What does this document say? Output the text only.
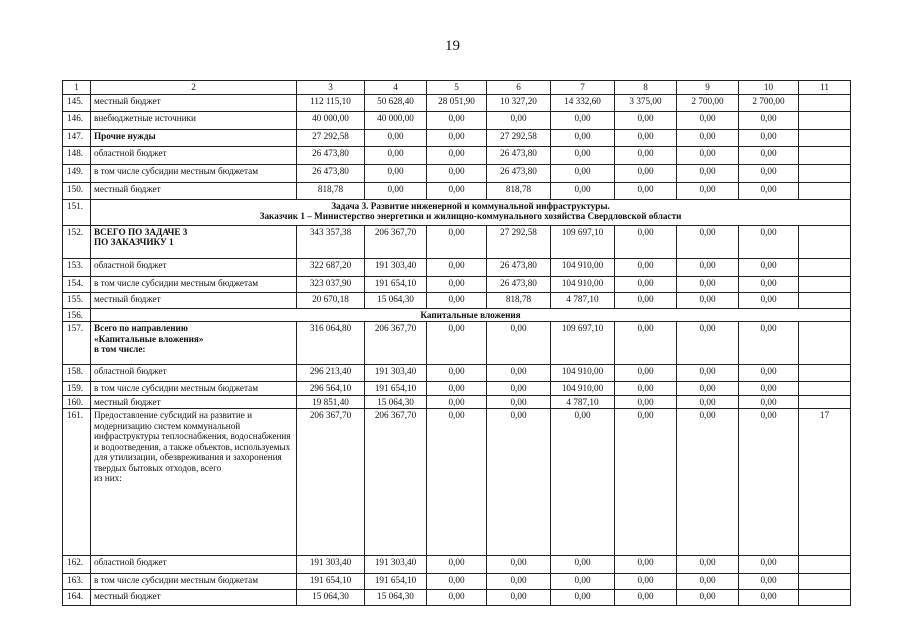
19
1	2	3	4	5	6	7	8	9	10	11
145.	местный бюджет	112 115,10	50 628,40	28 051,90	10 327,20	14 332,60	3 375,00	2 700,00	2 700,00	
146.	внебюджетные источники	40 000,00	40 000,00	0,00	0,00	0,00	0,00	0,00	0,00	
147.	Прочие нужды	27 292,58	0,00	0,00	27 292,58	0,00	0,00	0,00	0,00	
148.	областной бюджет	26 473,80	0,00	0,00	26 473,80	0,00	0,00	0,00	0,00	
149.	в том числе субсидии местным бюджетам	26 473,80	0,00	0,00	26 473,80	0,00	0,00	0,00	0,00	
150.	местный бюджет	818,78	0,00	0,00	818,78	0,00	0,00	0,00	0,00	
151.	Задача 3. Развитие инженерной и коммунальной инфраструктуры.
Заказчик 1 – Министерство энергетики и жилищно-коммунального хозяйства Свердловской области									

152.	ВСЕГО ПО ЗАДАЧЕ 3
ПО ЗАКАЗЧИКУ 1	343 357,38	206 367,70	0,00	27 292,58	109 697,10	0,00	0,00	0,00	
153.	областной бюджет	322 687,20	191 303,40	0,00	26 473,80	104 910,00	0,00	0,00	0,00	
154.	в том числе субсидии местным бюджетам	323 037,90	191 654,10	0,00	26 473,80	104 910,00	0,00	0,00	0,00	
155.	местный бюджет	20 670,18	15 064,30	0,00	818,78	4 787,10	0,00	0,00	0,00	
156.	Капитальные вложения									
157.	Всего по направлению
«Капитальные вложения»
в том числе:	316 064,80	206 367,70	0,00	0,00	109 697,10	0,00	0,00	0,00	
158.	областной бюджет	296 213,40	191 303,40	0,00	0,00	104 910,00	0,00	0,00	0,00	
159.	в том числе субсидии местным бюджетам	296 564,10	191 654,10	0,00	0,00	104 910,00	0,00	0,00	0,00	
160.	местный бюджет	19 851,40	15 064,30	0,00	0,00	4 787,10	0,00	0,00	0,00	
161.	Предоставление субсидий на развитие и модернизацию систем коммунальной инфраструктуры теплоснабжения, водоснабжения и водоотведения, а также объектов, используемых для утилизации, обезвреживания и захоронения твердых бытовых отходов, всего
из них:	206 367,70	206 367,70	0,00	0,00	0,00	0,00	0,00	0,00	17
162.	областной бюджет	191 303,40	191 303,40	0,00	0,00	0,00	0,00	0,00	0,00	
163.	в том числе субсидии местным бюджетам	191 654,10	191 654,10	0,00	0,00	0,00	0,00	0,00	0,00	
164.	местный бюджет	15 064,30	15 064,30	0,00	0,00	0,00	0,00	0,00	0,00	
